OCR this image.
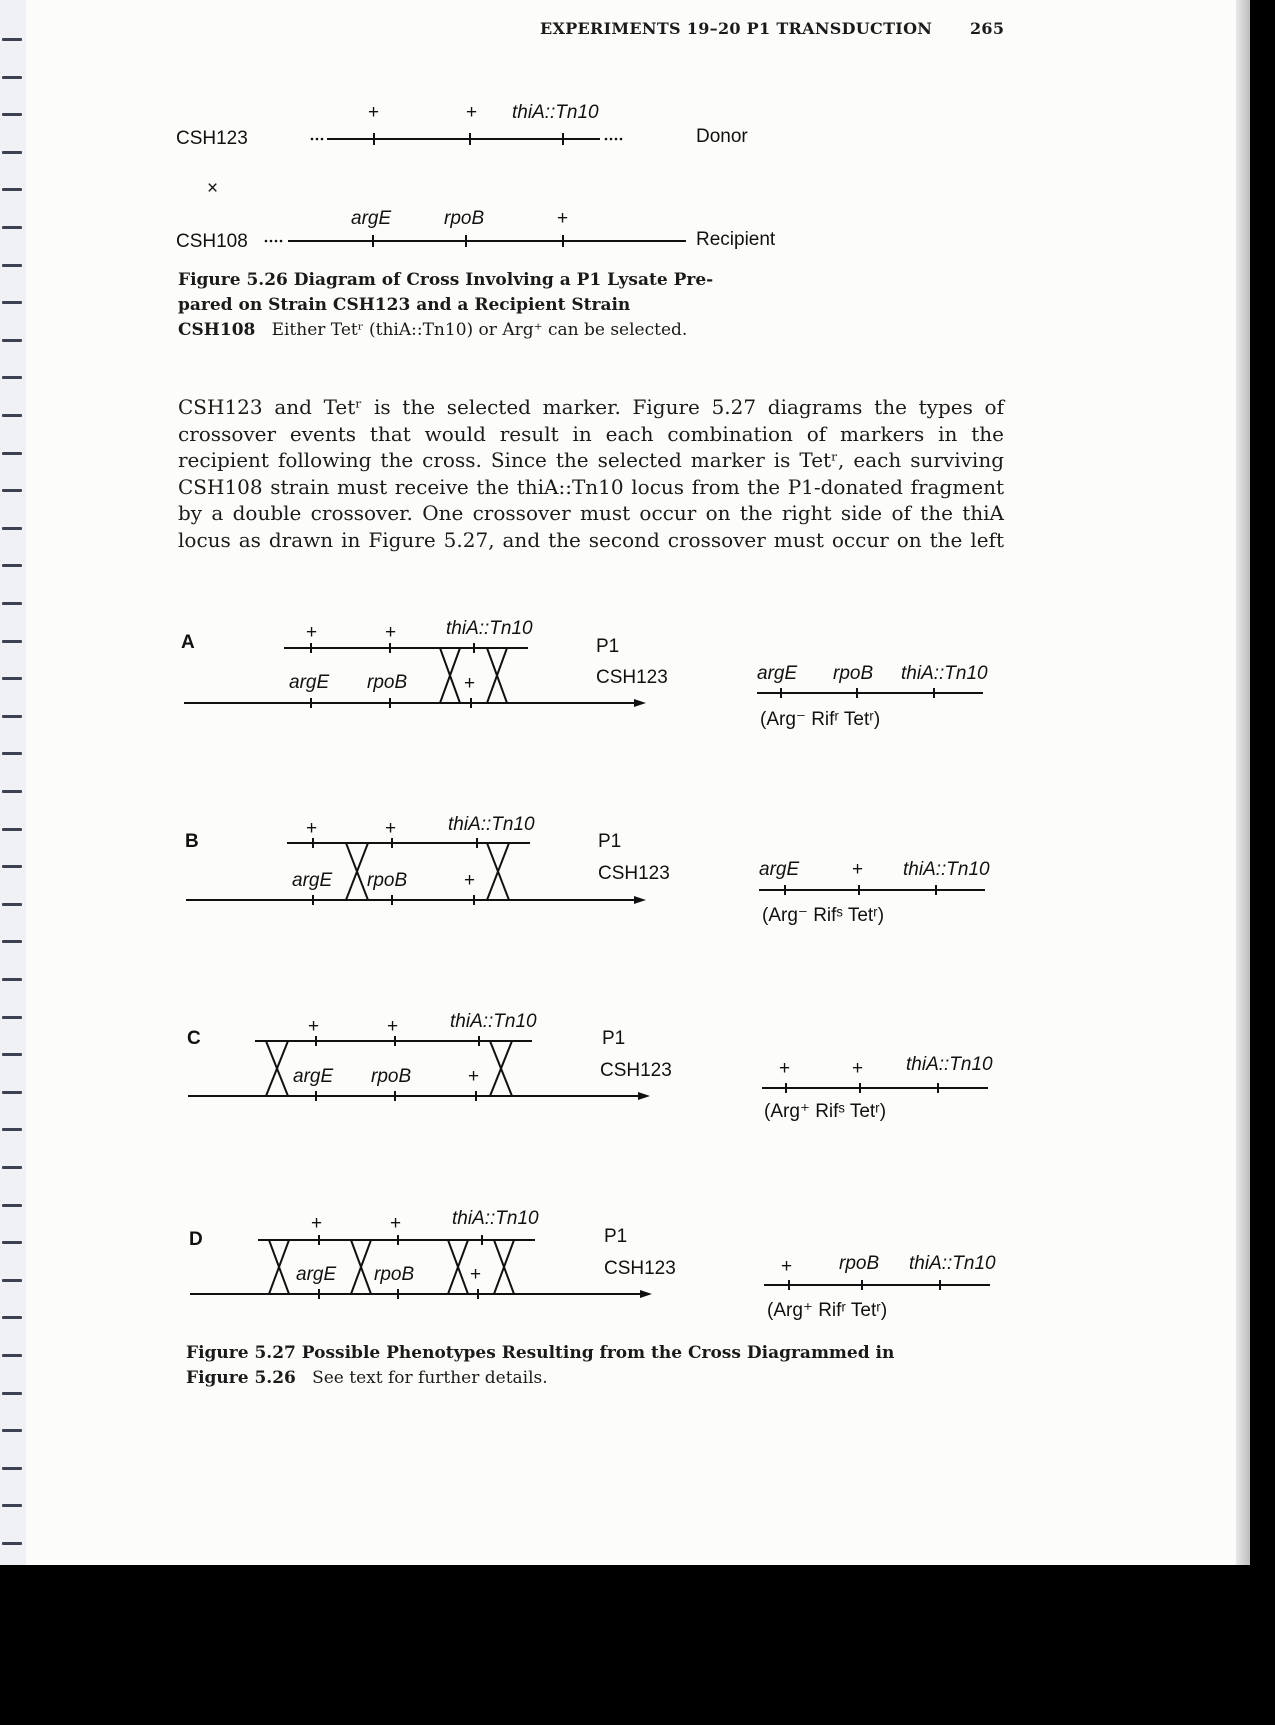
EXPERIMENTS 19–20 P1 TRANSDUCTION 265
CSH123
×
CSH108
Donor
Recipient
+	+ thiA::Tn10
argE	rpoB	+
Figure 5.26 Diagram of Cross Involving a P1 Lysate Pre-
pared on Strain CSH123 and a Recipient Strain
CSH108 Either Tetʳ (thiA::Tn10) or Arg⁺ can be selected.
CSH123 and Tetʳ is the selected marker. Figure 5.27 diagrams the types of
crossover events that would result in each combination of markers in the
recipient following the cross. Since the selected marker is Tetʳ, each surviving
CSH108 strain must receive the thiA::Tn10 locus from the P1-donated fragment
by a double crossover. One crossover must occur on the right side of the thiA
locus as drawn in Figure 5.27, and the second crossover must occur on the left
A	+	+	thiA::Tn10
argE rpoB	+
P1
CSH123	argE rpoB thiA::Tn10
(Arg⁻ Rifʳ Tetʳ)
B
+	+	thiA::Tn10
argE rpoB	+
P1
CSH123	argE	+ thiA::Tn10
(Arg⁻ Rifˢ Tetʳ)
C
+	+	thiA::Tn10
argE rpoB	+
P1
CSH123	+	+ thiA::Tn10
(Arg⁺ Rifˢ Tetʳ)
D
+	+	thiA::Tn10
argE rpoB	+
P1
CSH123	+ rpoB thiA::Tn10
(Arg⁺ Rifʳ Tetʳ)
Figure 5.27 Possible Phenotypes Resulting from the Cross Diagrammed in
Figure 5.26 See text for further details.
